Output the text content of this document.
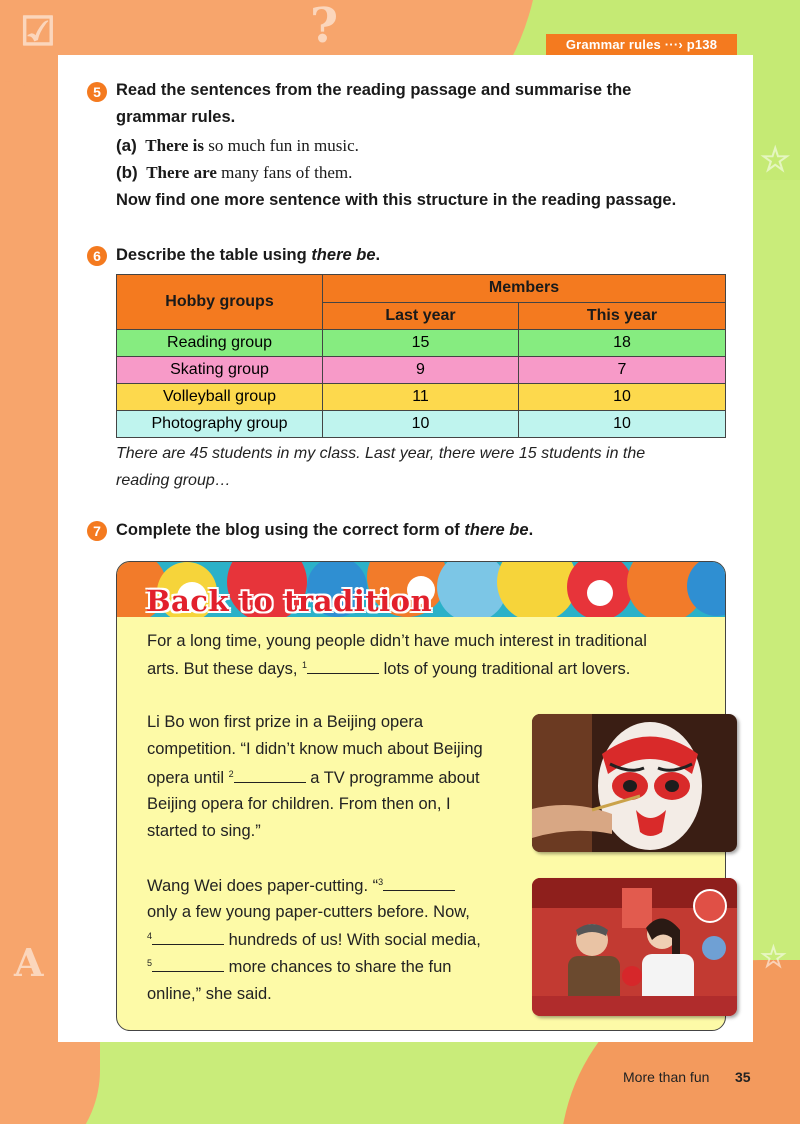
☑	?
☆
A	☆
Grammar rules ···› p138
5 Read the sentences from the reading passage and summarise the
grammar rules.
(a) There is so much fun in music.
(b) There are many fans of them.
Now find one more sentence with this structure in the reading passage.
6 Describe the table using there be.
Hobby groups	Members	
	Last year	This year
Reading group	15	18
Skating group	9	7
Volleyball group	11	10
Photography group	10	10
There are 45 students in my class. Last year, there were 15 students in the
reading group…
7 Complete the blog using the correct form of there be.
Back to tradition
For a long time, young people didn’t have much interest in traditional
arts. But these days, $^1$	lots of young traditional art lovers.
Li Bo won first prize in a Beijing opera
competition. “I didn’t know much about Beijing
opera until $^2$	a TV programme about
Beijing opera for children. From then on, I
started to sing.”
Wang Wei does paper-cutting. “$^3$
only a few young paper-cutters before. Now,
$^4$	hundreds of us! With social media,
$^5$	more chances to share the fun
online,” she said.
More than fun 35
